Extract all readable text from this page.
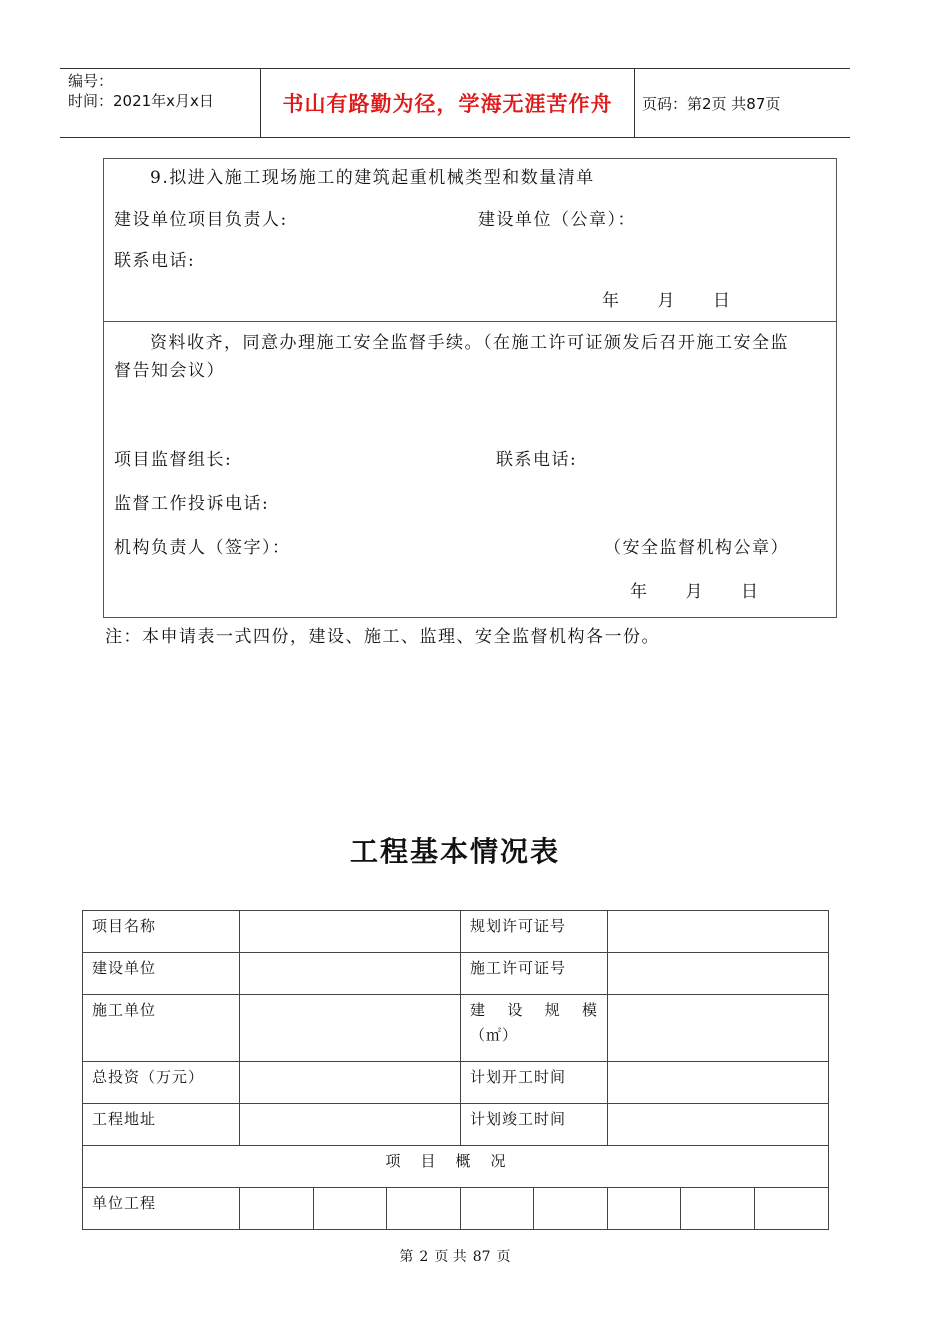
编号：
时间：2021年x月x日	书山有路勤为径，学海无涯苦作舟	页码：第2页 共87页
9.拟进入施工现场施工的建筑起重机械类型和数量清单
建设单位项目负责人:	建设单位（公章）：
联系电话:
年　　月　　日
资料收齐，同意办理施工安全监督手续。（在施工许可证颁发后召开施工安全监
督告知会议）
项目监督组长:	联系电话:
监督工作投诉电话:
机构负责人（签字）：	（安全监督机构公章）
年　　月　　日
注：本申请表一式四份，建设、施工、监理、安全监督机构各一份。
工程基本情况表
项目名称				规划许可证号				
建设单位				施工许可证号				
施工单位				建 设 规 模
（㎡）				

总投资（万元）				计划开工时间				
工程地址				计划竣工时间				
项目概况								
单位工程								
第 2 页 共 87 页
